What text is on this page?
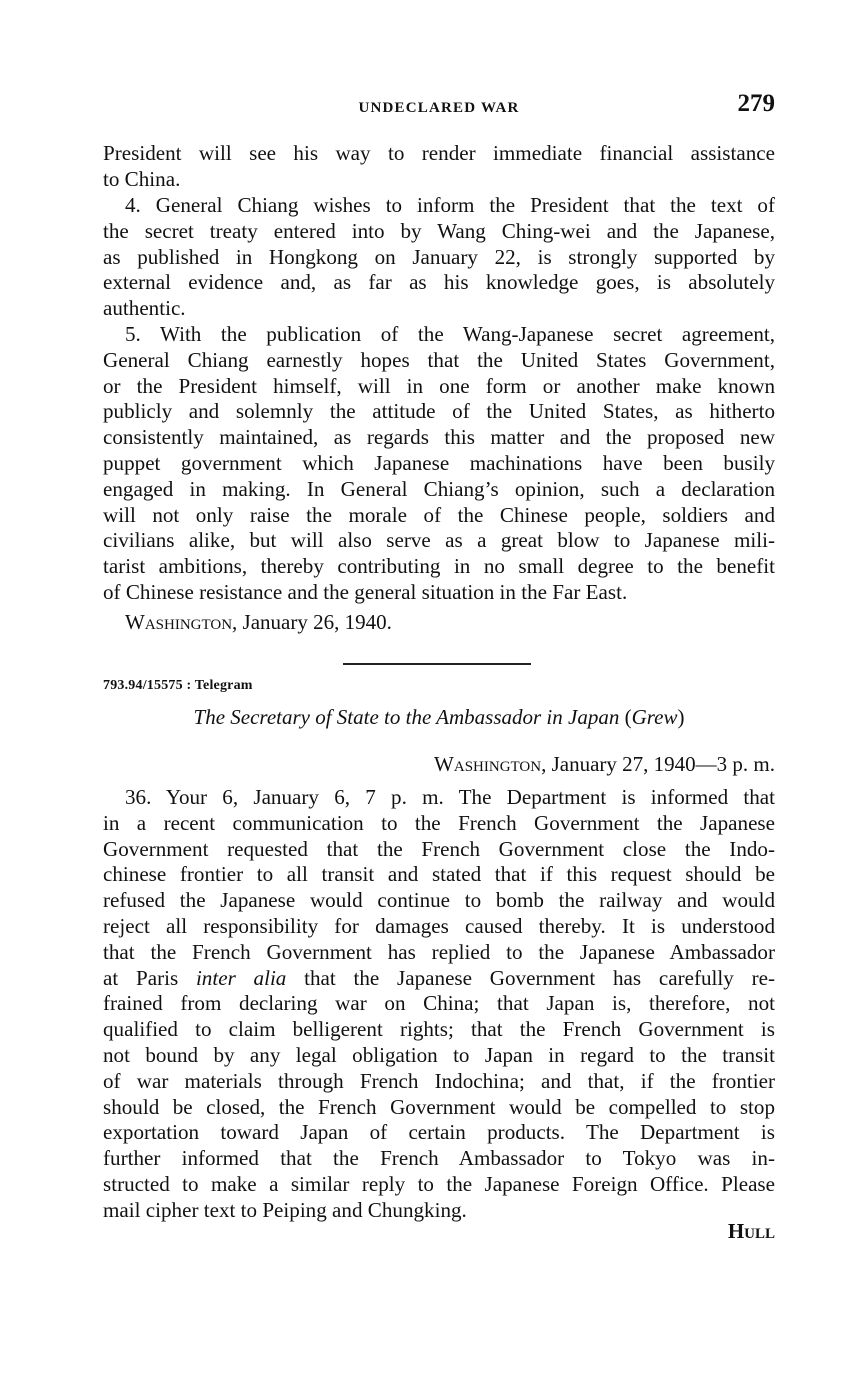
UNDECLARED WAR	279

President will see his way to render immediate financial assistance
to China.

4. General Chiang wishes to inform the President that the text of
the secret treaty entered into by Wang Ching-wei and the Japanese,
as published in Hongkong on January 22, is strongly supported by
external evidence and, as far as his knowledge goes, is absolutely
authentic.

5. With the publication of the Wang-Japanese secret agreement,
General Chiang earnestly hopes that the United States Government,
or the President himself, will in one form or another make known
publicly and solemnly the attitude of the United States, as hitherto
consistently maintained, as regards this matter and the proposed new
puppet government which Japanese machinations have been busily
engaged in making. In General Chiang’s opinion, such a declaration
will not only raise the morale of the Chinese people, soldiers and
civilians alike, but will also serve as a great blow to Japanese mili-
tarist ambitions, thereby contributing in no small degree to the benefit
of Chinese resistance and the general situation in the Far East.

Washington, January 26, 1940.
793.94/15575 : Telegram
The Secretary of State to the Ambassador in Japan (Grew)
Washington, January 27, 1940—3 p. m.

36. Your 6, January 6, 7 p. m. The Department is informed that
in a recent communication to the French Government the Japanese
Government requested that the French Government close the Indo-
chinese frontier to all transit and stated that if this request should be
refused the Japanese would continue to bomb the railway and would
reject all responsibility for damages caused thereby. It is understood
that the French Government has replied to the Japanese Ambassador
at Paris inter alia that the Japanese Government has carefully re-
frained from declaring war on China; that Japan is, therefore, not
qualified to claim belligerent rights; that the French Government is
not bound by any legal obligation to Japan in regard to the transit
of war materials through French Indochina; and that, if the frontier
should be closed, the French Government would be compelled to stop
exportation toward Japan of certain products. The Department is
further informed that the French Ambassador to Tokyo was in-
structed to make a similar reply to the Japanese Foreign Office. Please
mail cipher text to Peiping and Chungking.

Hull
